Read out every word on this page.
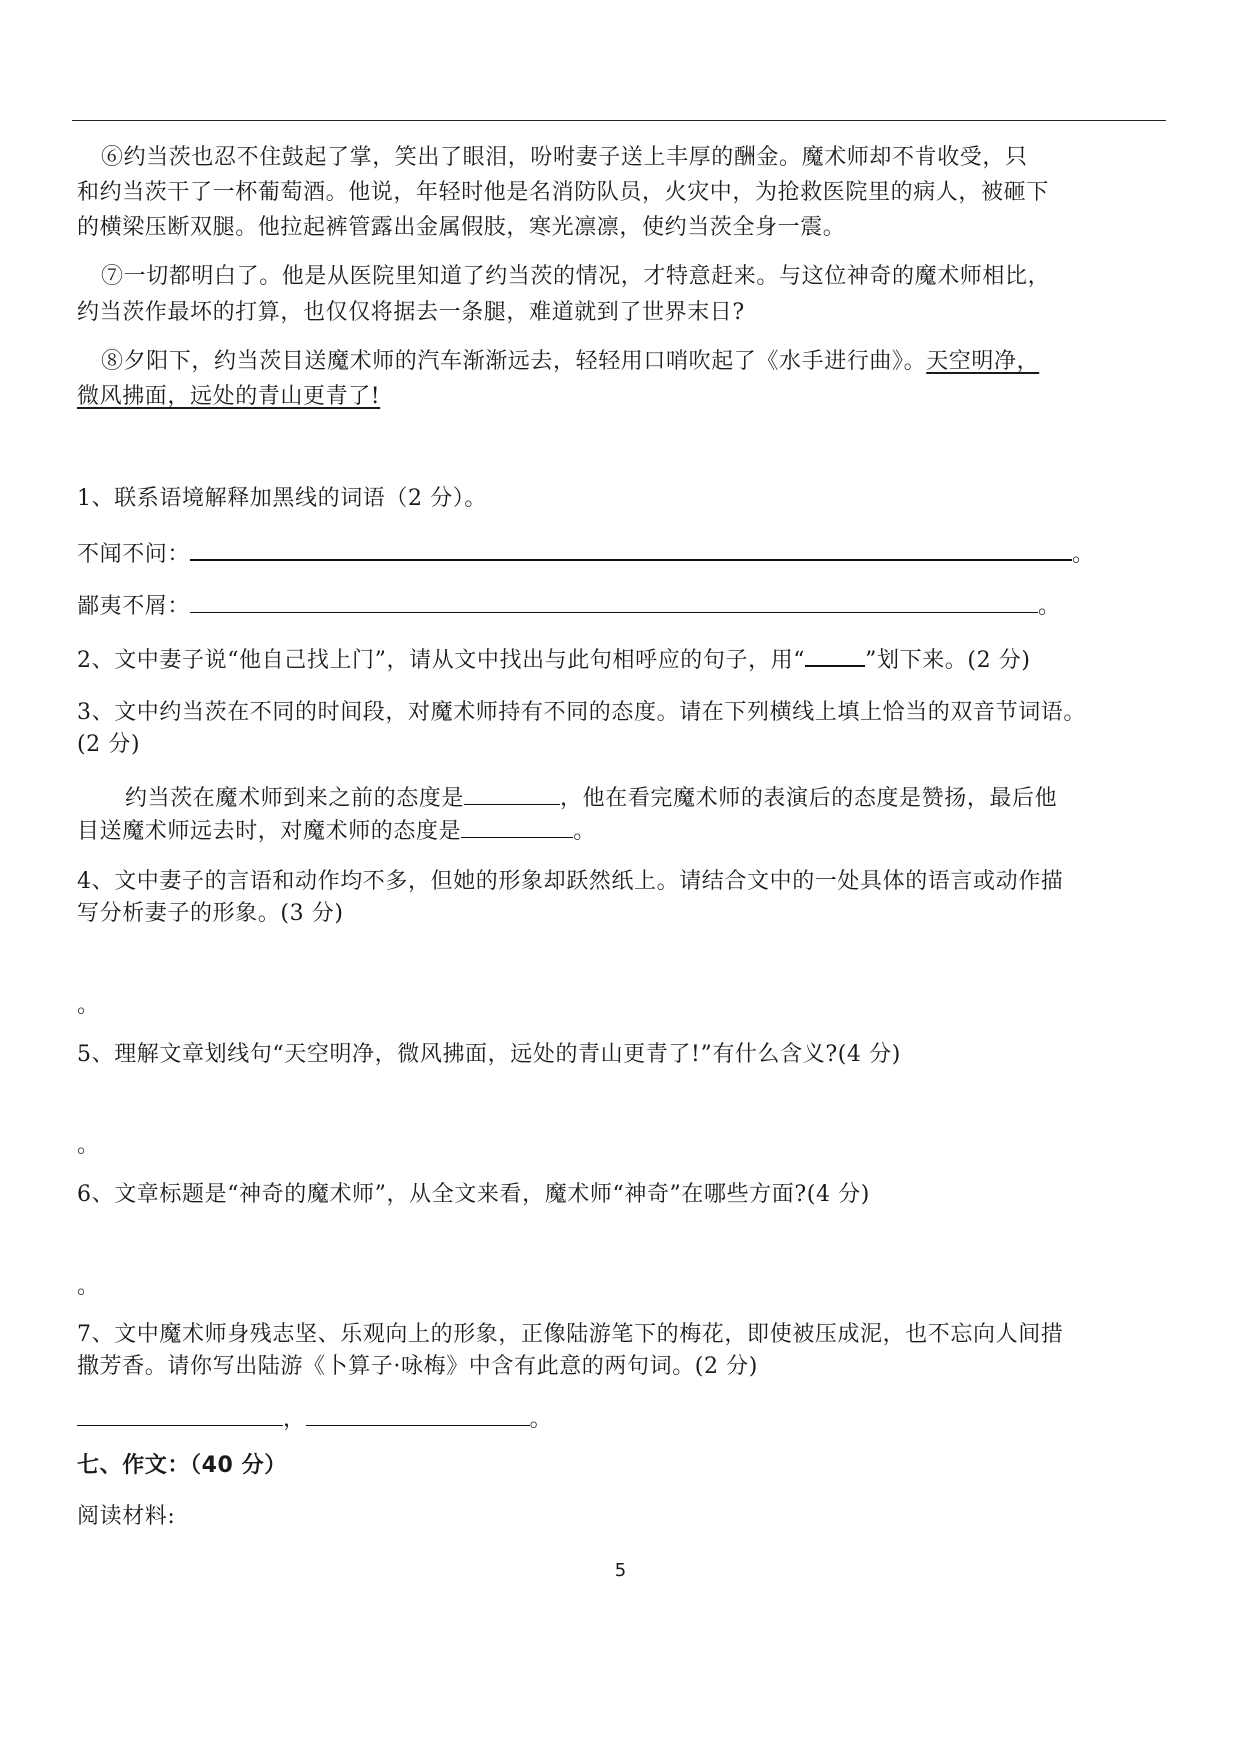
⑥约当茨也忍不住鼓起了掌，笑出了眼泪，吩咐妻子送上丰厚的酬金。魔术师却不肯收受，只
和约当茨干了一杯葡萄酒。他说，年轻时他是名消防队员，火灾中，为抢救医院里的病人，被砸下
的横梁压断双腿。他拉起裤管露出金属假肢，寒光凛凛，使约当茨全身一震。
⑦一切都明白了。他是从医院里知道了约当茨的情况，才特意赶来。与这位神奇的魔术师相比，
约当茨作最坏的打算，也仅仅将据去一条腿，难道就到了世界末日?
⑧夕阳下，约当茨目送魔术师的汽车渐渐远去，轻轻用口哨吹起了《水手进行曲》。天空明净，
微风拂面，远处的青山更青了!
1、联系语境解释加黑线的词语（2 分）。
不闻不问：	。
鄙夷不屑：	。
2、文中妻子说“他自己找上门”，请从文中找出与此句相呼应的句子，用“	”划下来。(2 分)
3、文中约当茨在不同的时间段，对魔术师持有不同的态度。请在下列横线上填上恰当的双音节词语。
(2 分)
约当茨在魔术师到来之前的态度是	，他在看完魔术师的表演后的态度是赞扬，最后他
目送魔术师远去时，对魔术师的态度是	。
4、文中妻子的言语和动作均不多，但她的形象却跃然纸上。请结合文中的一处具体的语言或动作描
写分析妻子的形象。(3 分)
。
5、理解文章划线句“天空明净，微风拂面，远处的青山更青了!”有什么含义?(4 分)
。
6、文章标题是“神奇的魔术师”，从全文来看，魔术师“神奇”在哪些方面?(4 分)
。
7、文中魔术师身残志坚、乐观向上的形象，正像陆游笔下的梅花，即使被压成泥，也不忘向人间措
撒芳香。请你写出陆游《卜算子·咏梅》中含有此意的两句词。(2 分)
，	。
七、作文：（40 分）
阅读材料:
5
